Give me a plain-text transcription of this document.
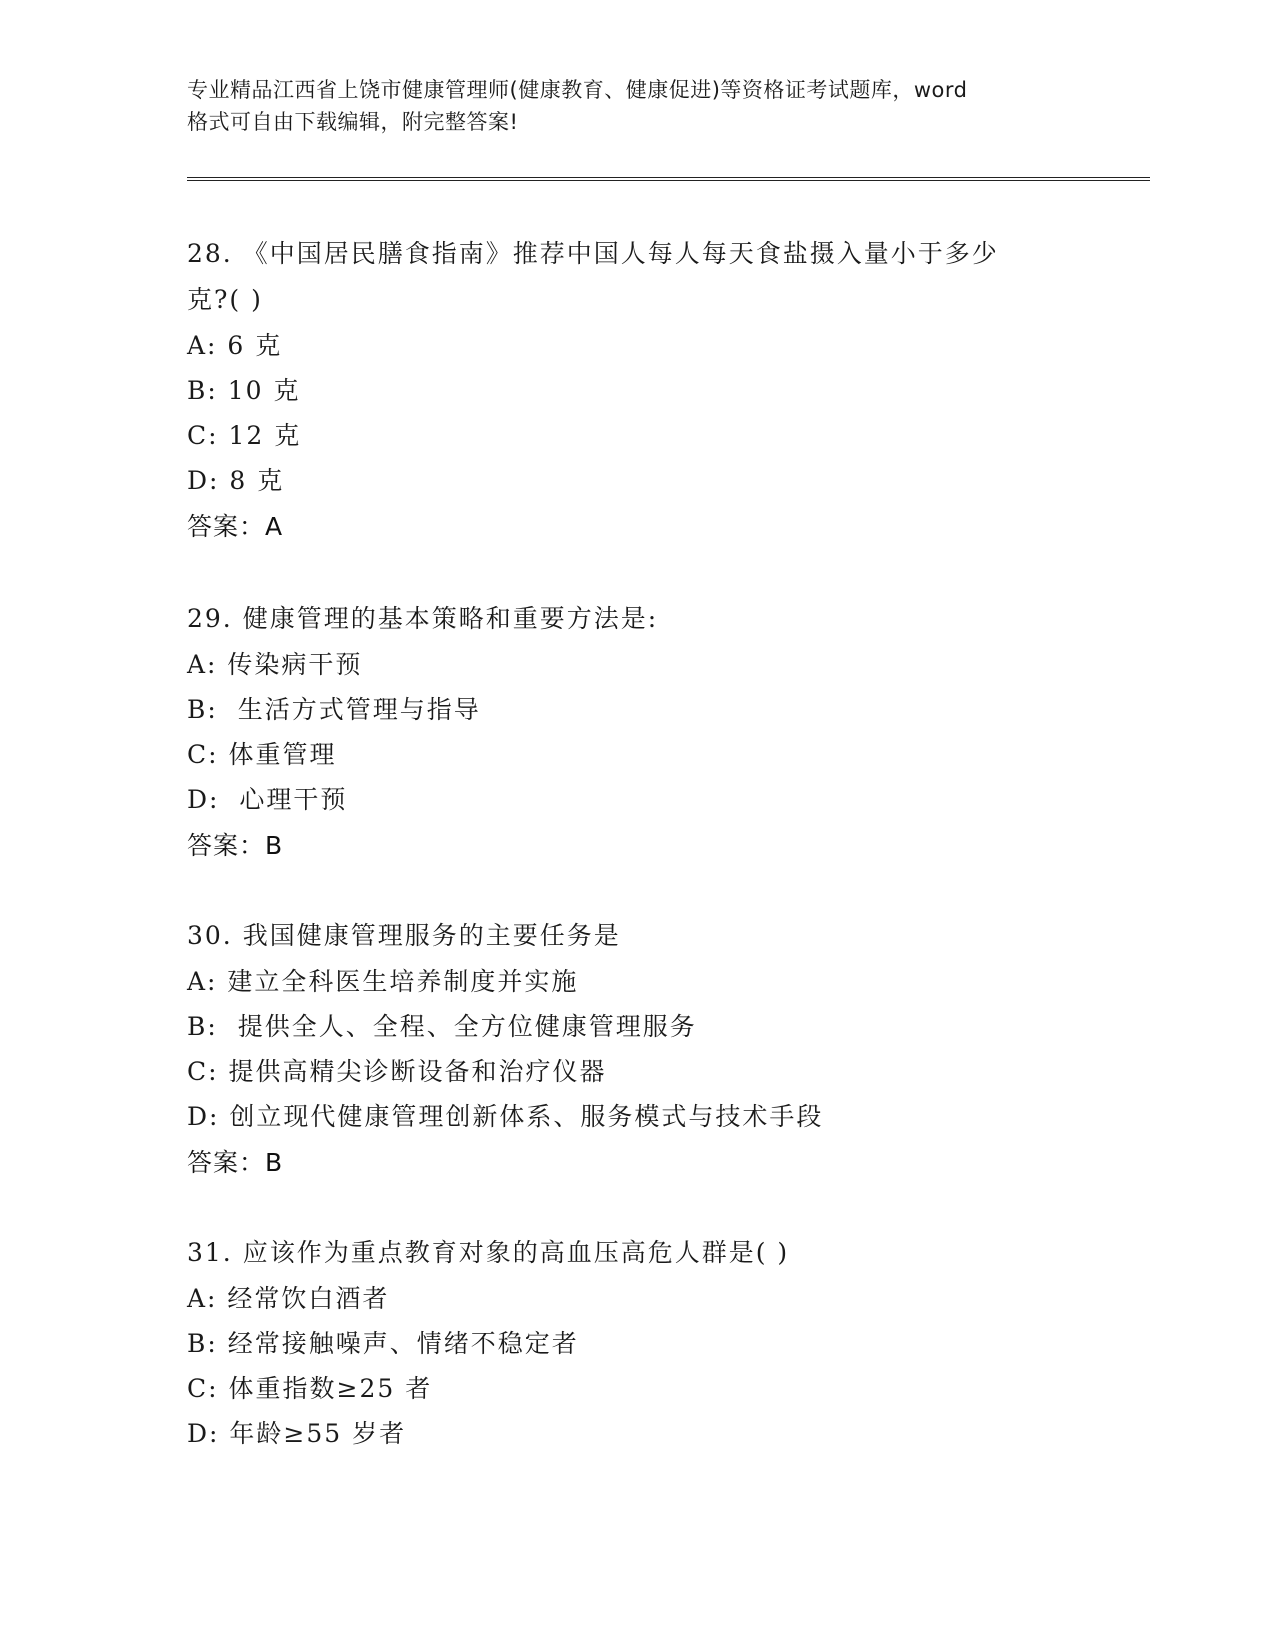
专业精品江西省上饶市健康管理师(健康教育、健康促进)等资格证考试题库，word
格式可自由下载编辑，附完整答案!

28. 《中国居民膳食指南》推荐中国人每人每天食盐摄入量小于多少

克?( )

A: 6 克

B: 10 克

C: 12 克

D: 8 克

答案：A

29. 健康管理的基本策略和重要方法是:

A: 传染病干预

B:  生活方式管理与指导

C: 体重管理

D:  心理干预

答案：B

30. 我国健康管理服务的主要任务是

A: 建立全科医生培养制度并实施

B:  提供全人、全程、全方位健康管理服务

C: 提供高精尖诊断设备和治疗仪器

D: 创立现代健康管理创新体系、服务模式与技术手段

答案：B

31. 应该作为重点教育对象的高血压高危人群是( )

A: 经常饮白酒者

B: 经常接触噪声、情绪不稳定者

C: 体重指数≥25 者

D: 年龄≥55 岁者
